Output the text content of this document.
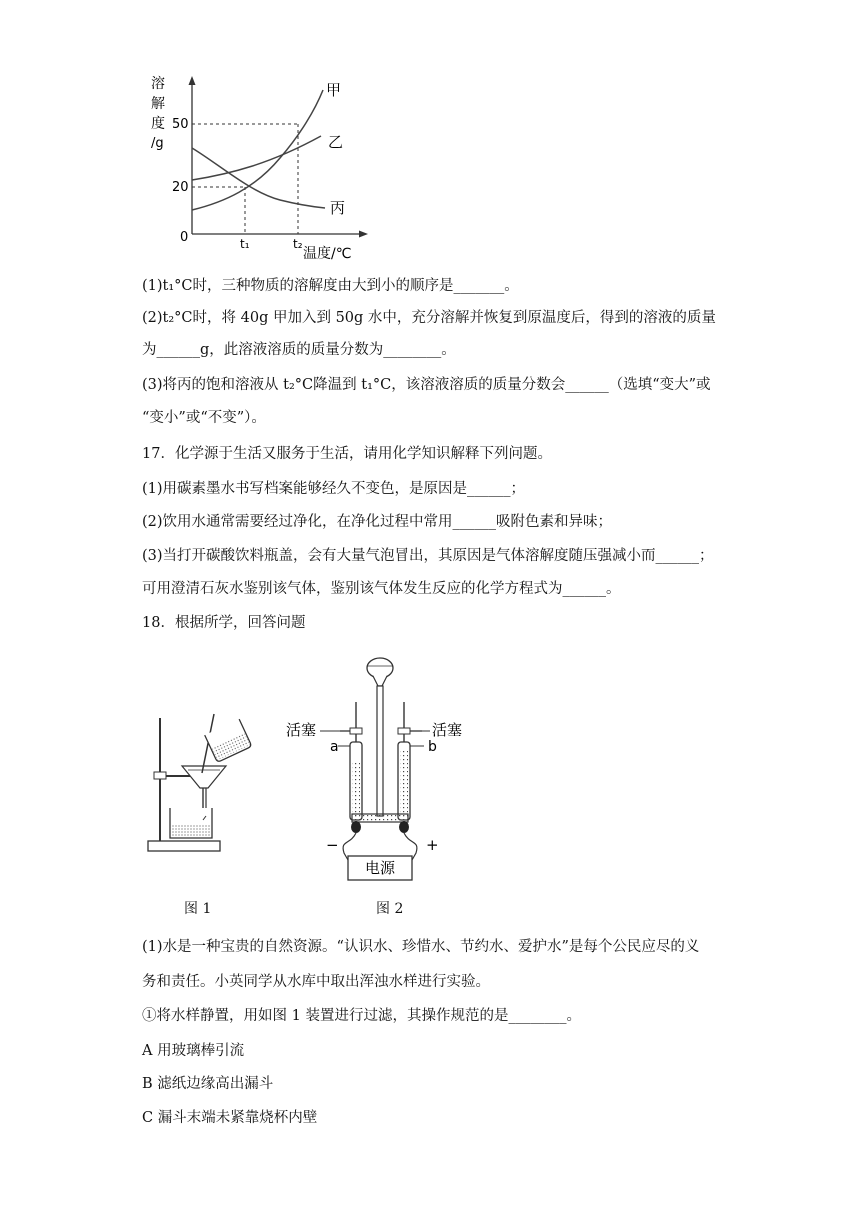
溶
解
度
/g
50
20
0	t₁	t₂
温度/℃
甲
乙
丙
(1)t₁°C时，三种物质的溶解度由大到小的顺序是_______。
(2)t₂°C时，将 40g 甲加入到 50g 水中，充分溶解并恢复到原温度后，得到的溶液的质量
为______g，此溶液溶质的质量分数为________。
(3)将丙的饱和溶液从 t₂°C降温到 t₁°C，该溶液溶质的质量分数会______（选填“变大”或
“变小”或“不变”）。
17．化学源于生活又服务于生活，请用化学知识解释下列问题。
(1)用碳素墨水书写档案能够经久不变色，是原因是______；
(2)饮用水通常需要经过净化，在净化过程中常用______吸附色素和异味；
(3)当打开碳酸饮料瓶盖，会有大量气泡冒出，其原因是气体溶解度随压强减小而______；
可用澄清石灰水鉴别该气体，鉴别该气体发生反应的化学方程式为______。
18．根据所学，回答问题
活塞	活塞
a	b
−	+
电源
图 1	图 2
(1)水是一种宝贵的自然资源。“认识水、珍惜水、节约水、爱护水”是每个公民应尽的义
务和责任。小英同学从水库中取出浑浊水样进行实验。
①将水样静置，用如图 1 装置进行过滤，其操作规范的是________。
A 用玻璃棒引流
B 滤纸边缘高出漏斗
C 漏斗末端未紧靠烧杯内壁
